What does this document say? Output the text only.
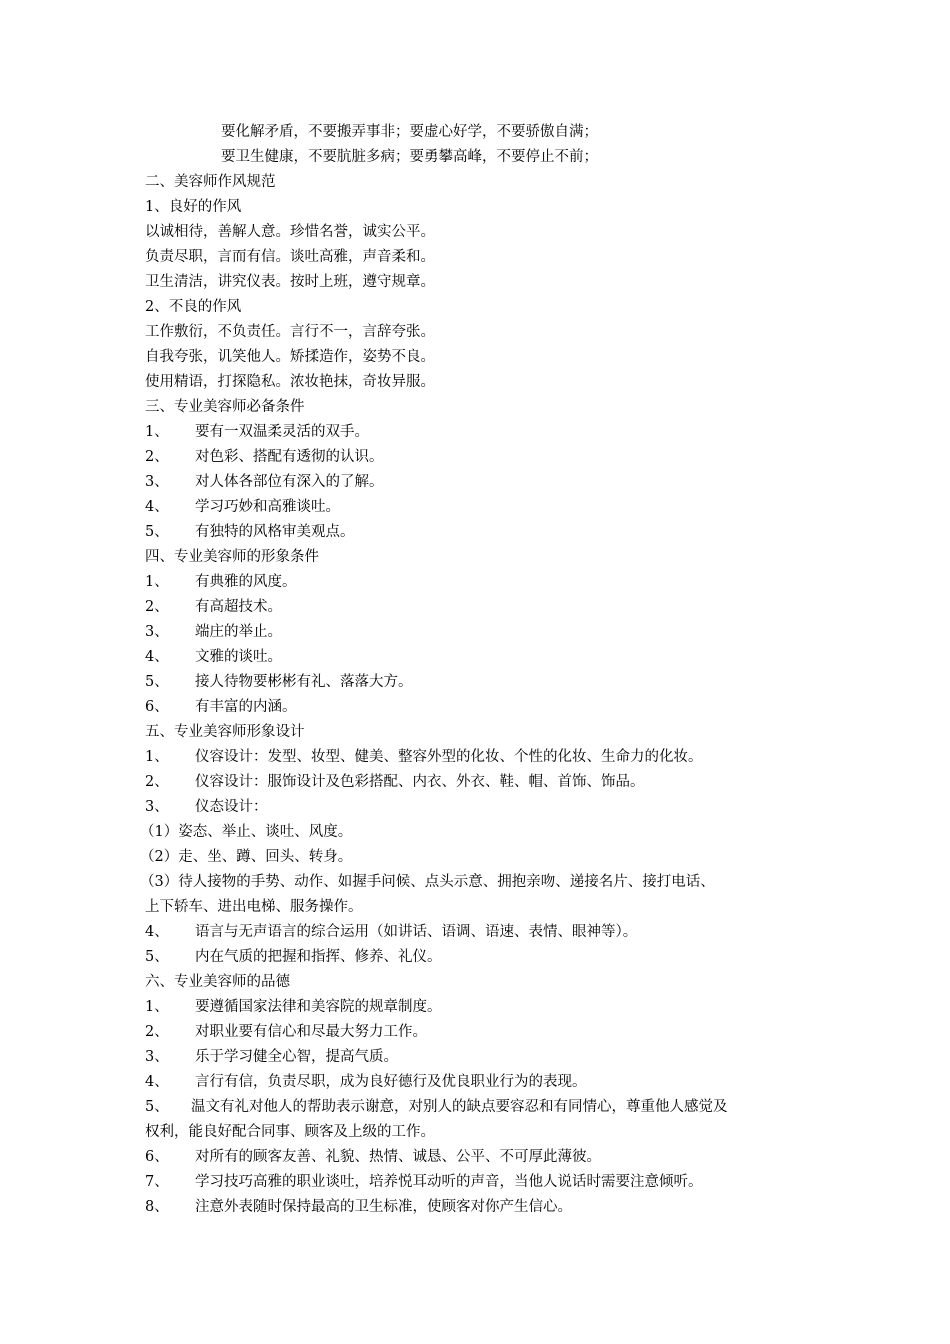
要化解矛盾，不要搬弄事非；要虚心好学，不要骄傲自满；
要卫生健康，不要肮脏多病；要勇攀高峰，不要停止不前；
二、美容师作风规范
1、良好的作风
以诚相待，善解人意。珍惜名誉，诚实公平。
负责尽职，言而有信。谈吐高雅，声音柔和。
卫生清洁，讲究仪表。按时上班，遵守规章。
2、不良的作风
工作敷衍，不负责任。言行不一，言辞夸张。
自我夸张，讥笑他人。矫揉造作，姿势不良。
使用精语，打探隐私。浓妆艳抹，奇妆异服。
三、专业美容师必备条件
1、 要有一双温柔灵活的双手。
2、 对色彩、搭配有透彻的认识。
3、 对人体各部位有深入的了解。
4、 学习巧妙和高雅谈吐。
5、 有独特的风格审美观点。
四、专业美容师的形象条件
1、 有典雅的风度。
2、 有高超技术。
3、 端庄的举止。
4、 文雅的谈吐。
5、 接人待物要彬彬有礼、落落大方。
6、 有丰富的内涵。
五、专业美容师形象设计
1、 仪容设计：发型、妆型、健美、整容外型的化妆、个性的化妆、生命力的化妆。
2、 仪容设计：服饰设计及色彩搭配、内衣、外衣、鞋、帽、首饰、饰品。
3、 仪态设计：
（1）姿态、举止、谈吐、风度。
（2）走、坐、蹲、回头、转身。
（3）待人接物的手势、动作、如握手问候、点头示意、拥抱亲吻、递接名片、接打电话、
上下轿车、进出电梯、服务操作。
4、 语言与无声语言的综合运用（如讲话、语调、语速、表情、眼神等）。
5、 内在气质的把握和指挥、修养、礼仪。
六、专业美容师的品德
1、 要遵循国家法律和美容院的规章制度。
2、 对职业要有信心和尽最大努力工作。
3、 乐于学习健全心智，提高气质。
4、 言行有信，负责尽职，成为良好德行及优良职业行为的表现。
5、 温文有礼对他人的帮助表示谢意，对别人的缺点要容忍和有同情心，尊重他人感觉及
权利，能良好配合同事、顾客及上级的工作。
6、 对所有的顾客友善、礼貌、热情、诚恳、公平、不可厚此薄彼。
7、 学习技巧高雅的职业谈吐，培养悦耳动听的声音，当他人说话时需要注意倾听。
8、 注意外表随时保持最高的卫生标准，使顾客对你产生信心。
